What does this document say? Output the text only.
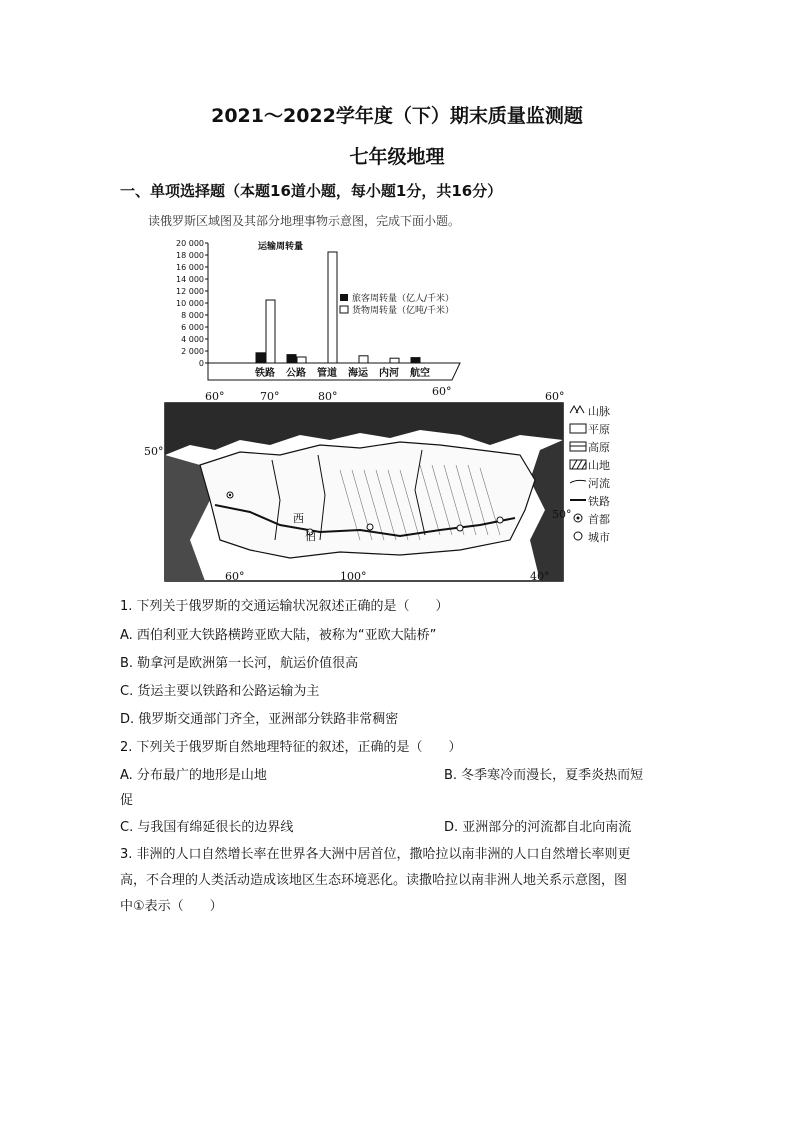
2021～2022学年度（下）期末质量监测题
七年级地理
一、单项选择题（本题16道小题，每小题1分，共16分）
读俄罗斯区域图及其部分地理事物示意图，完成下面小题。
0
2 000
4 000
6 000
8 000
10 000
12 000
14 000
16 000
18 000
20 000	运输周转量
铁路 公路 管道 海运 内河 航空
旅客周转量（亿人/千米）
货物周转量（亿吨/千米）
60°	70°	80°	60°	60°
60°	100°	40°
50°
50°
西
伯
山脉
平原
高原
山地
河流
铁路
首都
城市
1. 下列关于俄罗斯的交通运输状况叙述正确的是（　　）
A. 西伯利亚大铁路横跨亚欧大陆，被称为“亚欧大陆桥”
B. 勒拿河是欧洲第一长河，航运价值很高
C. 货运主要以铁路和公路运输为主
D. 俄罗斯交通部门齐全，亚洲部分铁路非常稠密
2. 下列关于俄罗斯自然地理特征的叙述，正确的是（　　）
A. 分布最广的地形是山地	B. 冬季寒冷而漫长，夏季炎热而短
促
C. 与我国有绵延很长的边界线	D. 亚洲部分的河流都自北向南流
3. 非洲的人口自然增长率在世界各大洲中居首位，撒哈拉以南非洲的人口自然增长率则更
高，不合理的人类活动造成该地区生态环境恶化。读撒哈拉以南非洲人地关系示意图，图
中①表示（　　）
